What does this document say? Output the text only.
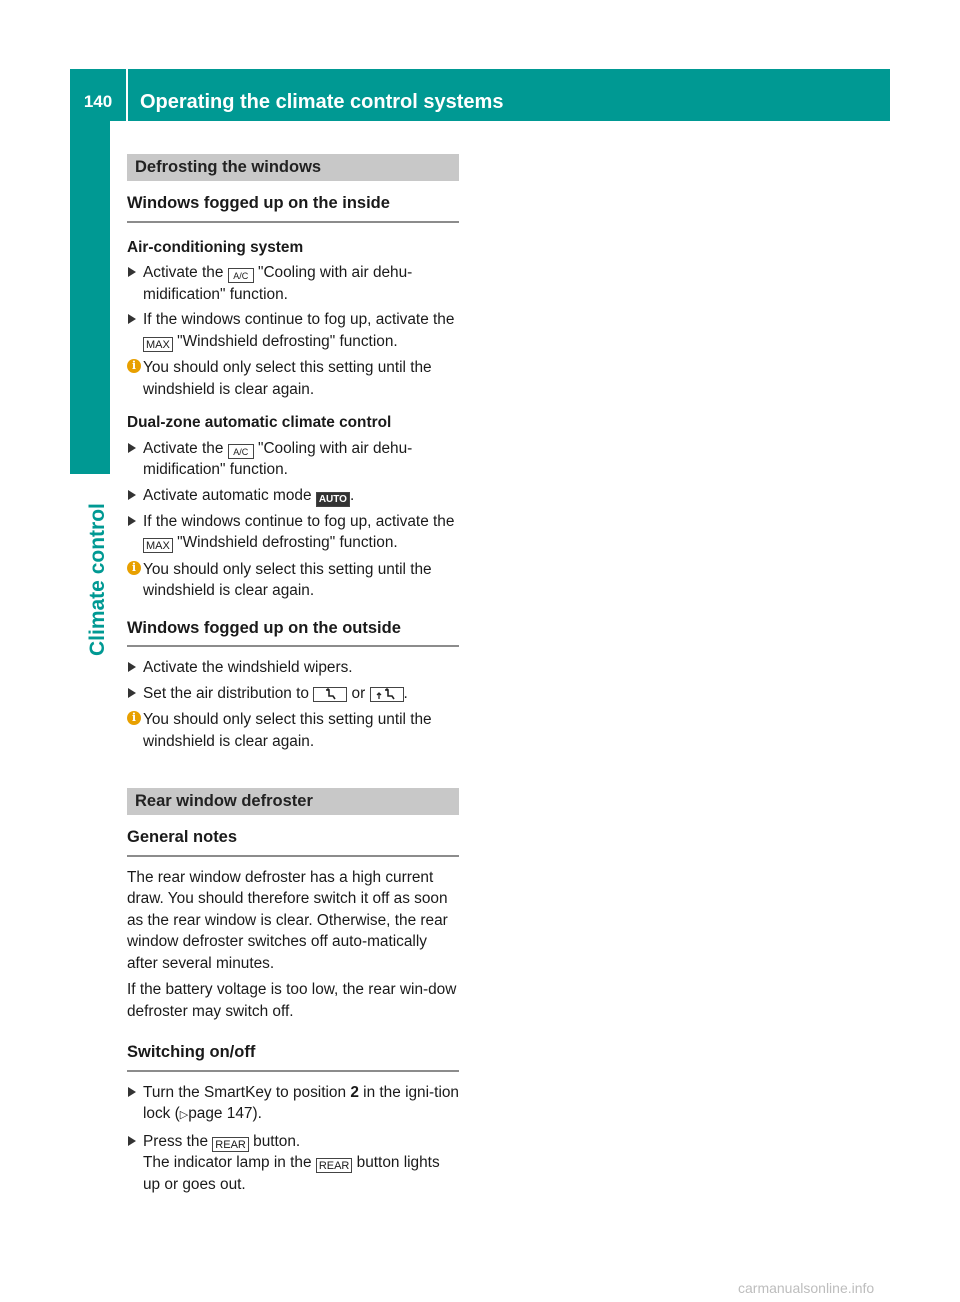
140	Operating the climate control systems
Climate control
Defrosting the windows
Windows fogged up on the inside
Air-conditioning system
Activate the A/C "Cooling with air dehu-midification" function.
If the windows continue to fog up, activate the MAX "Windshield defrosting" function.
i You should only select this setting until the windshield is clear again.
Dual-zone automatic climate control
Activate the A/C "Cooling with air dehu-midification" function.
Activate automatic mode AUTO .
If the windows continue to fog up, activate the MAX "Windshield defrosting" function.
i You should only select this setting until the windshield is clear again.
Windows fogged up on the outside
Activate the windshield wipers.
Set the air distribution to	or .
i You should only select this setting until the windshield is clear again.
Rear window defroster
General notes
The rear window defroster has a high current draw. You should therefore switch it off as soon as the rear window is clear. Otherwise, the rear window defroster switches off auto-matically after several minutes.
If the battery voltage is too low, the rear win-dow defroster may switch off.
Switching on/off
Turn the SmartKey to position 2 in the igni-tion lock (▷page 147).
Press the REAR button.
The indicator lamp in the REAR button lights up or goes out.
carmanualsonline.info
